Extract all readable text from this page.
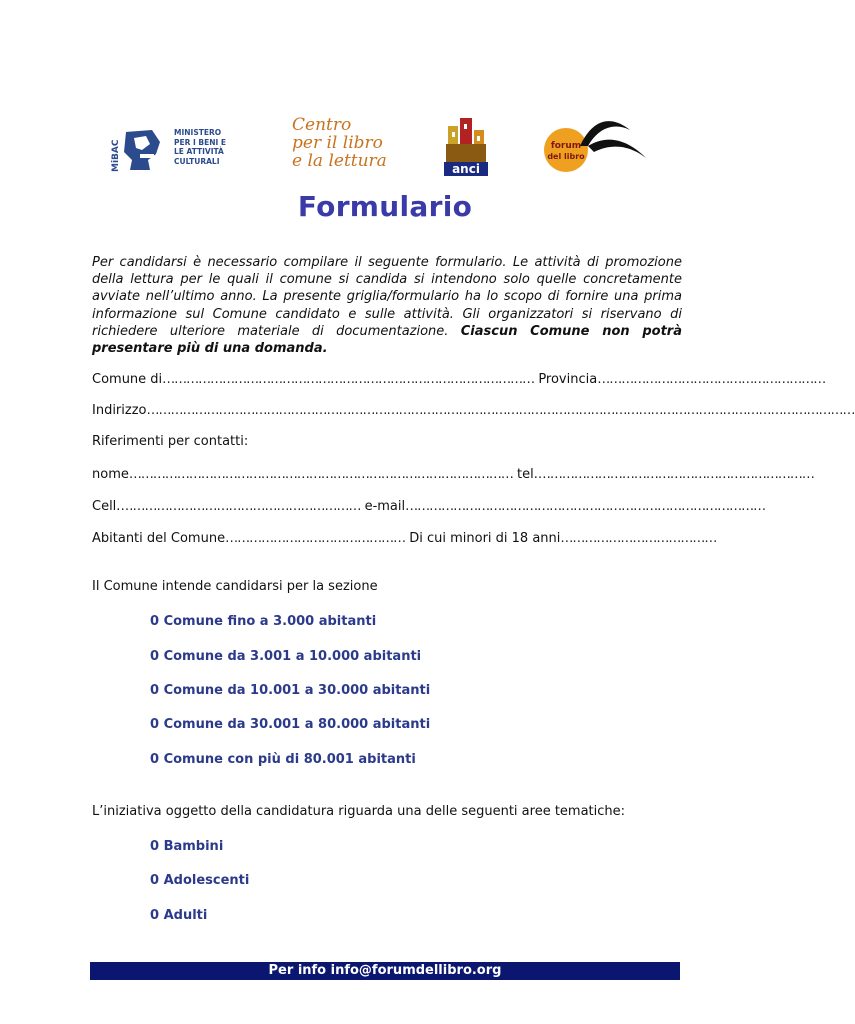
MiBAC
MINISTERO
PER I BENI E
LE ATTIVITÀ
CULTURALI
Centro
per il libro
e la lettura	anci
forum
del libro
Formulario
Per candidarsi è necessario compilare il seguente formulario. Le attività di promozione della lettura per le quali il comune si candida si intendono solo quelle concretamente avviate nell’ultimo anno. La presente griglia/formulario ha lo scopo di fornire una prima informazione sul Comune candidato e sulle attività. Gli organizzatori si riservano di richiedere ulteriore materiale di documentazione. Ciascun Comune non potrà presentare più di una domanda.
Comune di………………………………………………………………………………… Provincia…………………………………………………
Indirizzo……………………………………………………………………………………………………………………………………………………………
Riferimenti per contatti:
nome…………………………………………………………………………………… tel.……………………………………………………………
Cell.…………………………………………………… e-mail………………………………………………………………………………
Abitanti del Comune……………………………………… Di cui minori di 18 anni…………………………………
Il Comune intende candidarsi per la sezione
0 Comune fino a 3.000 abitanti
0 Comune da 3.001 a 10.000 abitanti
0 Comune da 10.001 a 30.000 abitanti
0 Comune da 30.001 a 80.000 abitanti
0 Comune con più di 80.001 abitanti
L’iniziativa oggetto della candidatura riguarda una delle seguenti aree tematiche:
0 Bambini
0 Adolescenti
0 Adulti
Per info info@forumdellibro.org
